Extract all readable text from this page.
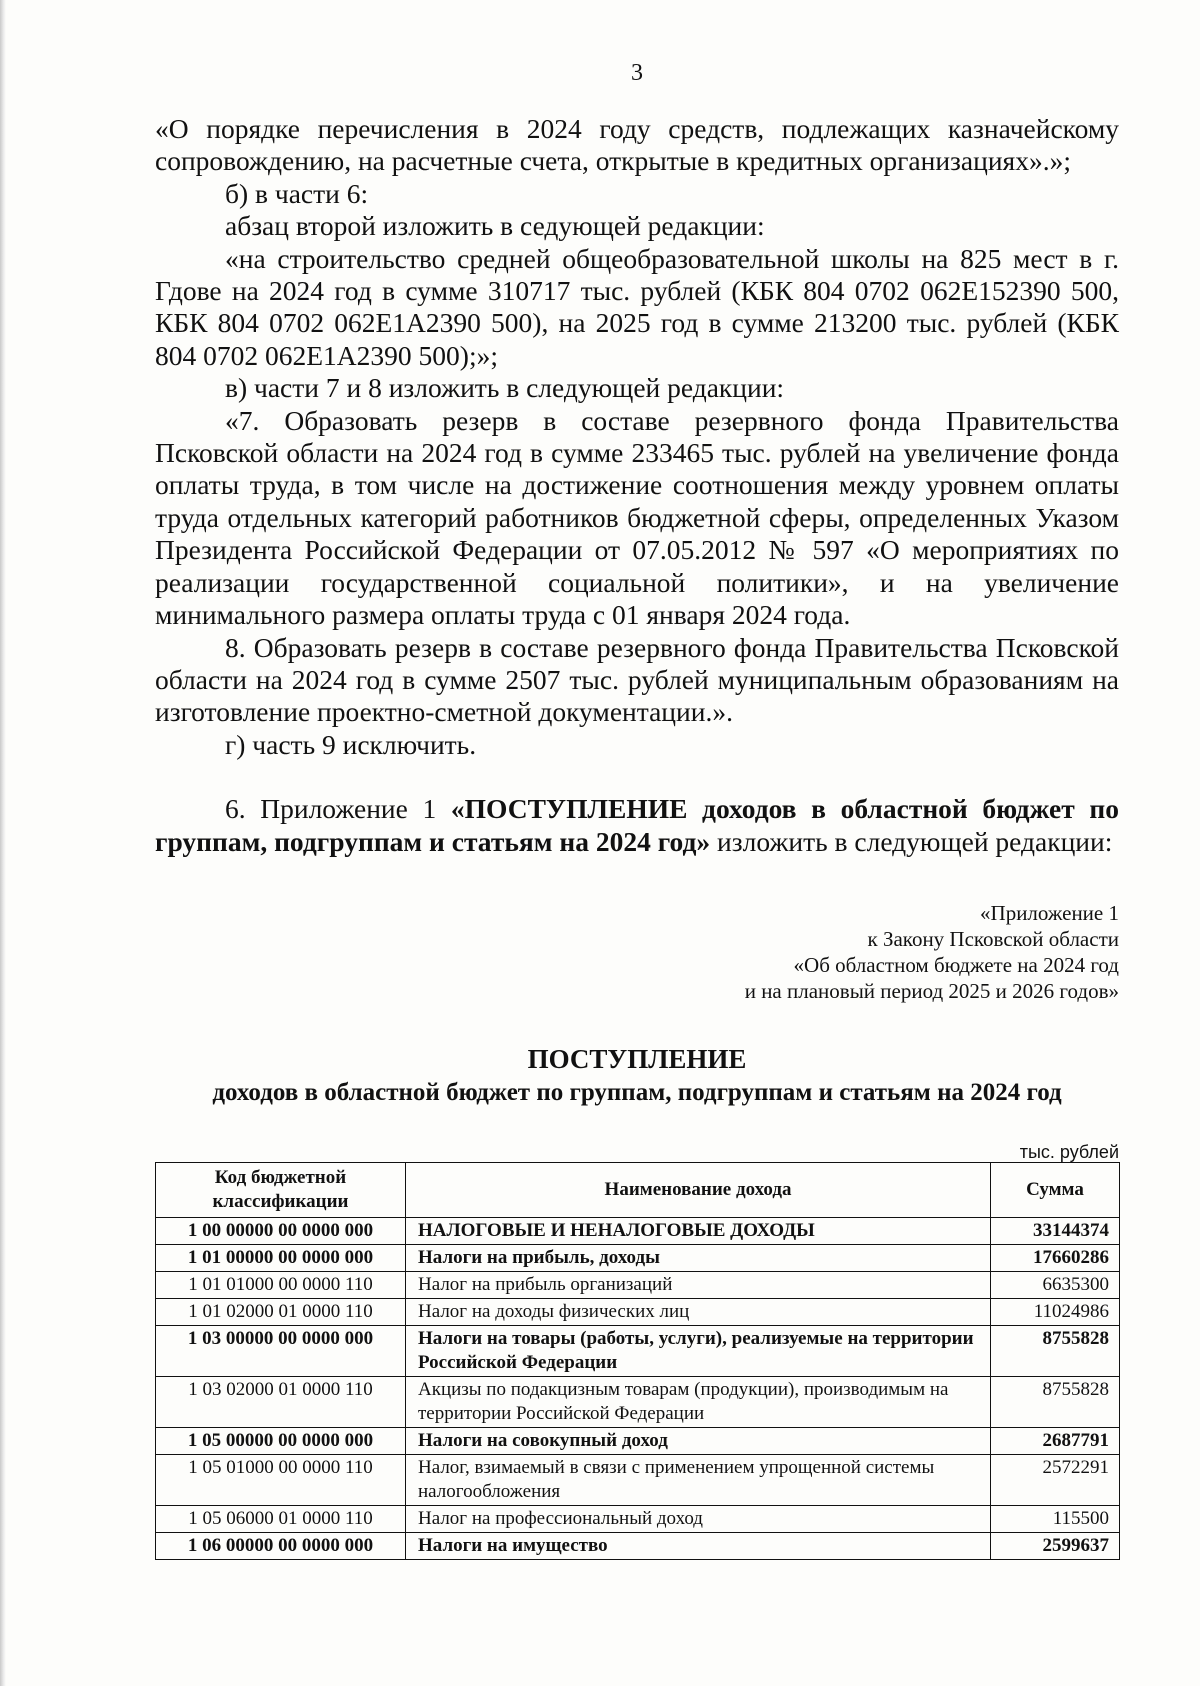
3

«О порядке перечисления в 2024 году средств, подлежащих казначейскому сопровождению, на расчетные счета, открытые в кредитных организациях».»;

б) в части 6:

абзац второй изложить в седующей редакции:

«на строительство средней общеобразовательной школы на 825 мест в г. Гдове на 2024 год в сумме 310717 тыс. рублей (КБК 804 0702 062Е152390 500, КБК 804 0702 062Е1А2390 500), на 2025 год в сумме 213200 тыс. рублей (КБК 804 0702 062Е1А2390 500);»;

в) части 7 и 8 изложить в следующей редакции:

«7. Образовать резерв в составе резервного фонда Правительства Псковской области на 2024 год в сумме 233465 тыс. рублей на увеличение фонда оплаты труда, в том числе на достижение соотношения между уровнем оплаты труда отдельных категорий работников бюджетной сферы, определенных Указом Президента Российской Федерации от 07.05.2012 № 597 «О мероприятиях по реализации государственной социальной политики», и на увеличение минимального размера оплаты труда с 01 января 2024 года.

8. Образовать резерв в составе резервного фонда Правительства Псковской области на 2024 год в сумме 2507 тыс. рублей муниципальным образованиям на изготовление проектно-сметной документации.».

г) часть 9 исключить.

6. Приложение 1 «ПОСТУПЛЕНИЕ доходов в областной бюджет по группам, подгруппам и статьям на 2024 год» изложить в следующей редакции:

«Приложение 1
к Закону Псковской области
«Об областном бюджете на 2024 год
и на плановый период 2025 и 2026 годов»
ПОСТУПЛЕНИЕ
доходов в областной бюджет по группам, подгруппам и статьям на 2024 год
тыс. рублей
Код бюджетной классификации	Наименование дохода	Сумма
1 00 00000 00 0000 000	НАЛОГОВЫЕ И НЕНАЛОГОВЫЕ ДОХОДЫ	33144374
1 01 00000 00 0000 000	Налоги на прибыль, доходы	17660286
1 01 01000 00 0000 110	Налог на прибыль организаций	6635300
1 01 02000 01 0000 110	Налог на доходы физических лиц	11024986
1 03 00000 00 0000 000	Налоги на товары (работы, услуги), реализуемые на территории Российской Федерации	8755828
1 03 02000 01 0000 110	Акцизы по подакцизным товарам (продукции), производимым на территории Российской Федерации	8755828
1 05 00000 00 0000 000	Налоги на совокупный доход	2687791
1 05 01000 00 0000 110	Налог, взимаемый в связи с применением упрощенной системы налогообложения	2572291
1 05 06000 01 0000 110	Налог на профессиональный доход	115500
1 06 00000 00 0000 000	Налоги на имущество	2599637
